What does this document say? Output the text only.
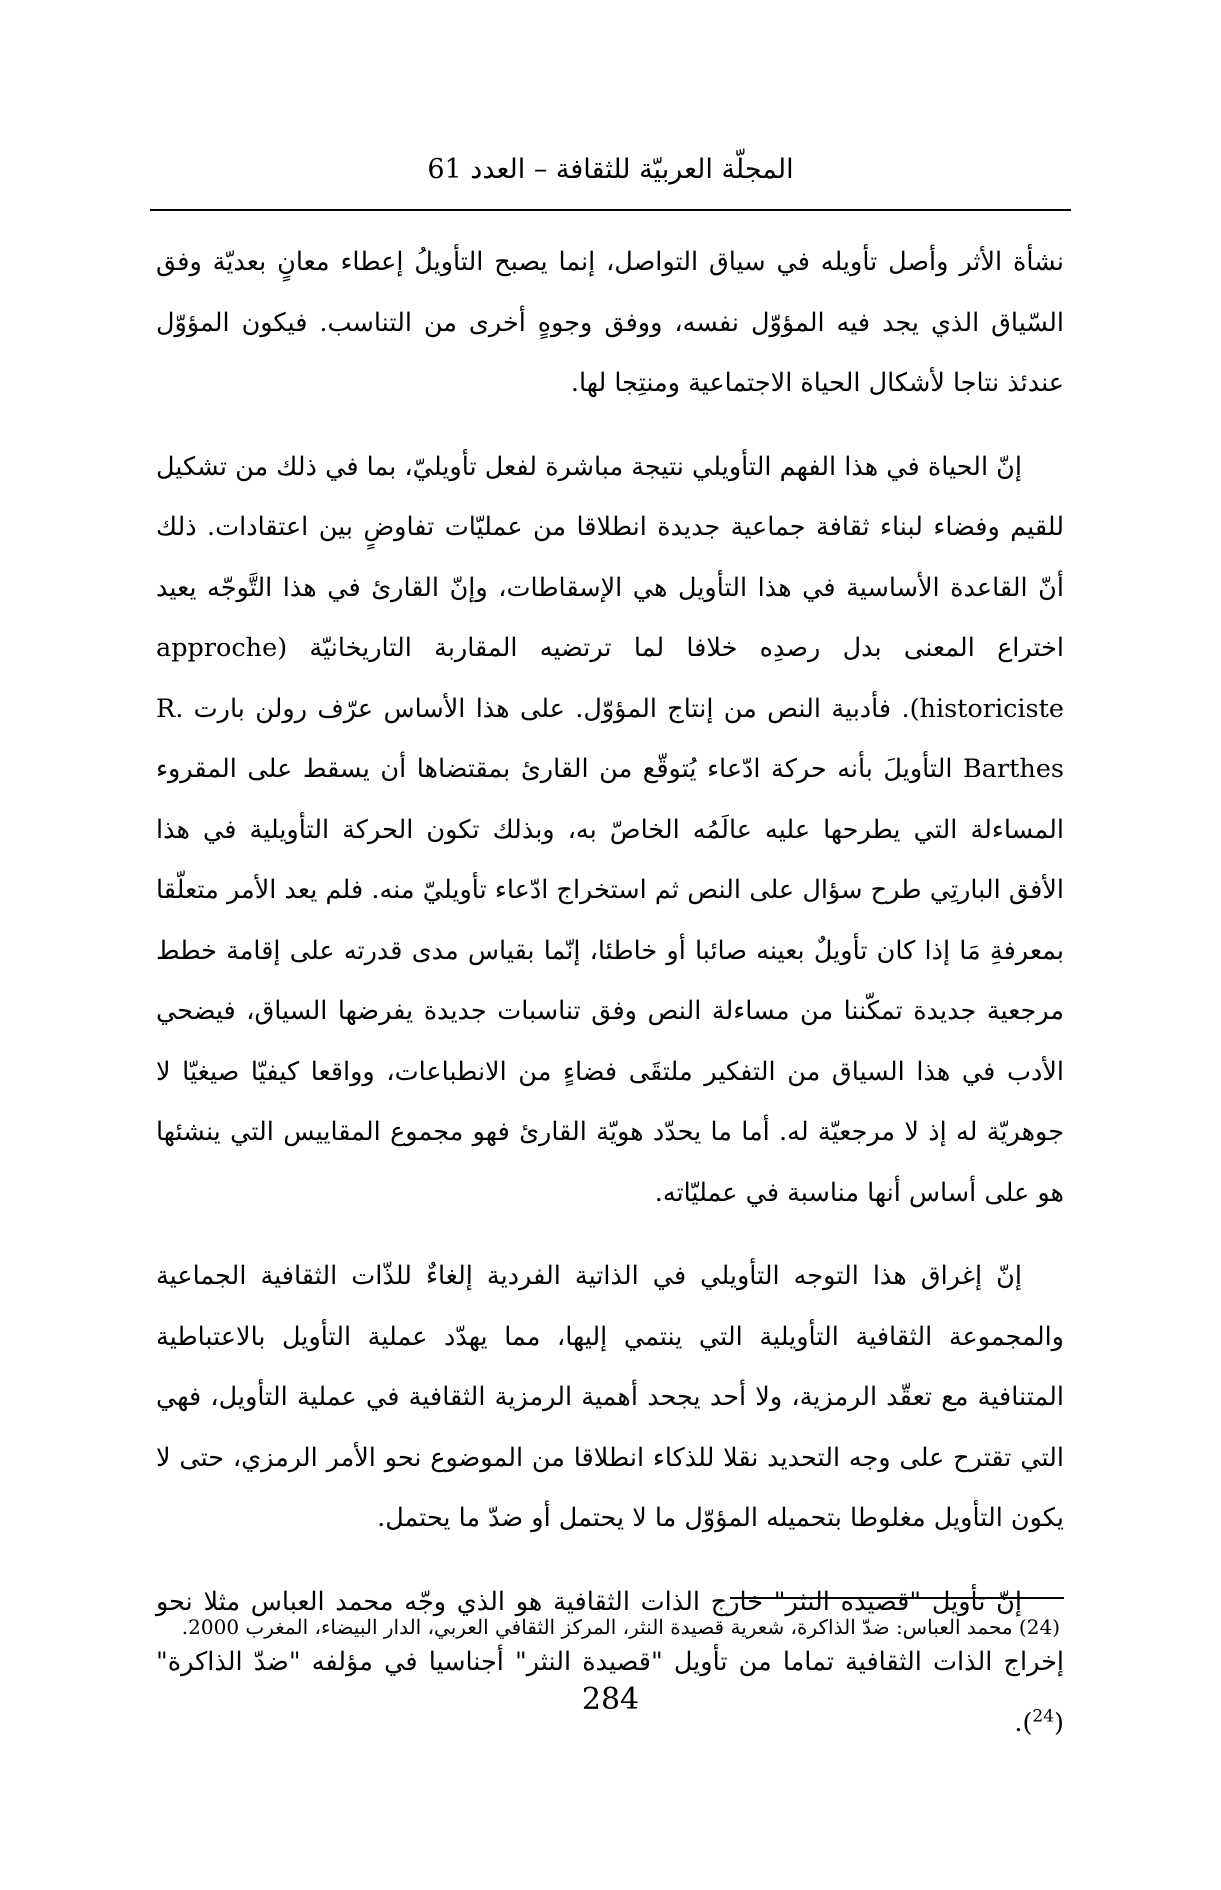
المجلّة العربيّة للثقافة – العدد 61

نشأة الأثر وأصل تأويله في سياق التواصل، إنما يصبح التأويلُ إعطاء معانٍ بعديّة وفق السّياق الذي يجد فيه المؤوّل نفسه، ووفق وجوهٍ أخرى من التناسب. فيكون المؤوّل عندئذ نتاجا لأشكال الحياة الاجتماعية ومنتِجا لها.

إنّ الحياة في هذا الفهم التأويلي نتيجة مباشرة لفعل تأويليّ، بما في ذلك من تشكيل للقيم وفضاء لبناء ثقافة جماعية جديدة انطلاقا من عمليّات تفاوضٍ بين اعتقادات. ذلك أنّ القاعدة الأساسية في هذا التأويل هي الإسقاطات، وإنّ القارئ في هذا التَّوجّه يعيد اختراع المعنى بدل رصدِه خلافا لما ترتضيه المقاربة التاريخانيّة (approche historiciste). فأدبية النص من إنتاج المؤوّل. على هذا الأساس عرّف رولن بارت R. Barthes التأويلَ بأنه حركة ادّعاء يُتوقّع من القارئ بمقتضاها أن يسقط على المقروء المساءلة التي يطرحها عليه عالَمُه الخاصّ به، وبذلك تكون الحركة التأويلية في هذا الأفق البارتِي طرح سؤال على النص ثم استخراج ادّعاء تأويليّ منه. فلم يعد الأمر متعلّقا بمعرفةِ مَا إذا كان تأويلٌ بعينه صائبا أو خاطئا، إنّما بقياس مدى قدرته على إقامة خطط مرجعية جديدة تمكّننا من مساءلة النص وفق تناسبات جديدة يفرضها السياق، فيضحي الأدب في هذا السياق من التفكير ملتقَى فضاءٍ من الانطباعات، وواقعا كيفيّا صيغيّا لا جوهريّة له إذ لا مرجعيّة له. أما ما يحدّد هويّة القارئ فهو مجموع المقاييس التي ينشئها هو على أساس أنها مناسبة في عمليّاته.

إنّ إغراق هذا التوجه التأويلي في الذاتية الفردية إلغاءٌ للذّات الثقافية الجماعية والمجموعة الثقافية التأويلية التي ينتمي إليها، مما يهدّد عملية التأويل بالاعتباطية المتنافية مع تعقّد الرمزية، ولا أحد يجحد أهمية الرمزية الثقافية في عملية التأويل، فهي التي تقترح على وجه التحديد نقلا للذكاء انطلاقا من الموضوع نحو الأمر الرمزي، حتى لا يكون التأويل مغلوطا بتحميله المؤوّل ما لا يحتمل أو ضدّ ما يحتمل.

إنّ تأويل "قصيدة النثر" خارج الذات الثقافية هو الذي وجّه محمد العباس مثلا نحو إخراج الذات الثقافية تماما من تأويل "قصيدة النثر" أجناسيا في مؤلفه "ضدّ الذاكرة" ($^{24}$).

(24) محمد العباس: ضدّ الذاكرة، شعرية قصيدة النثر، المركز الثقافي العربي، الدار البيضاء، المغرب 2000.
284
